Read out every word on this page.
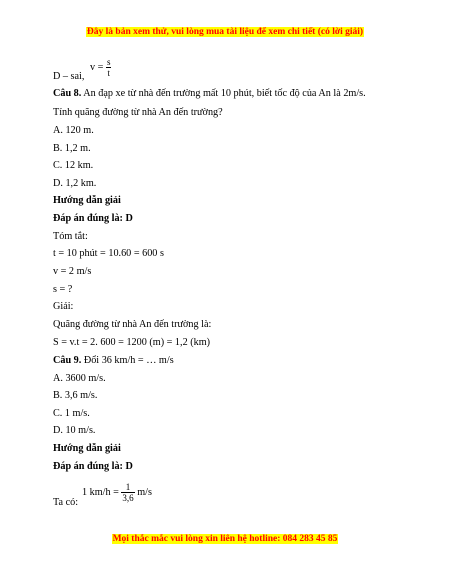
Đây là bản xem thử, vui lòng mua tài liệu để xem chi tiết (có lời giải)
$v = \frac{s}{t}$
D – sai,
Câu 8. An đạp xe từ nhà đến trường mất 10 phút, biết tốc độ của An là 2m/s.
Tính quãng đường từ nhà An đến trường?
A. 120 m.
B. 1,2 m.
C. 12 km.
D. 1,2 km.
Hướng dẫn giải
Đáp án đúng là: D
Tóm tắt:
t = 10 phút = 10.60 = 600 s
v = 2 m/s
s = ?
Giải:
Quãng đường từ nhà An đến trường là:
S = v.t = 2. 600 = 1200 (m) = 1,2 (km)
Câu 9. Đổi 36 km/h = … m/s
A. 3600 m/s.
B. 3,6 m/s.
C. 1 m/s.
D. 10 m/s.
Hướng dẫn giải
Đáp án đúng là: D
1 $km/h = \frac{1}{3,6} m/s$
Ta có:
Mọi thắc mắc vui lòng xin liên hệ hotline: 084 283 45 85
